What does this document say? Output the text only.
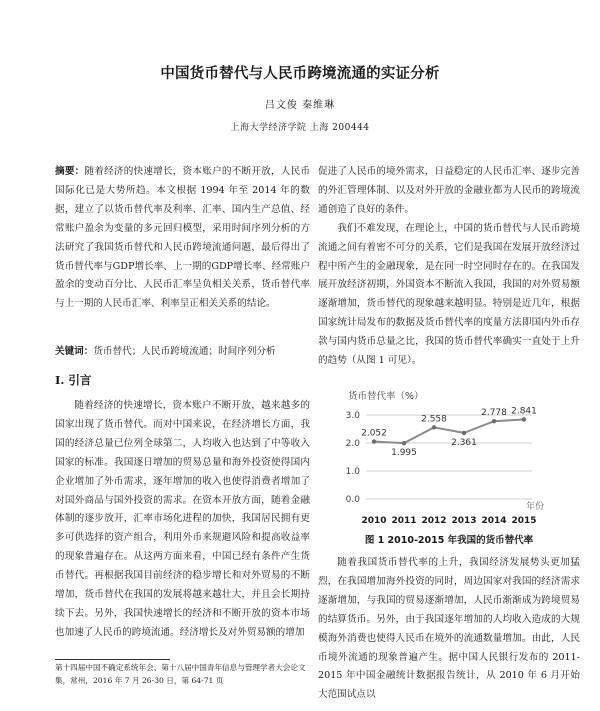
中国货币替代与人民币跨境流通的实证分析
吕文俊 秦维琳
上海大学经济学院 上海 200444
摘要：随着经济的快速增长，资本账户的不断开放，人民币国际化已是大势所趋。本文根据 1994 年至 2014 年的数据，建立了以货币替代率及利率、汇率、国内生产总值、经常账户盈余为变量的多元回归模型，采用时间序列分析的方法研究了我国货币替代和人民币跨境流通问题，最后得出了货币替代率与GDP增长率、上一期的GDP增长率、经常账户盈余的变动百分比、人民币汇率呈负相关关系，货币替代率与上一期的人民币汇率、利率呈正相关关系的结论。
关键词：货币替代；人民币跨境流通；时间序列分析
I. 引言

随着经济的快速增长，资本账户不断开放，越来越多的国家出现了货币替代。而对中国来说，在经济增长方面，我国的经济总量已位列全球第二，人均收入也达到了中等收入国家的标准。我国逐日增加的贸易总量和海外投资使得国内企业增加了外币需求，逐年增加的收入也使得消费者增加了对国外商品与国外投资的需求。在资本开放方面，随着金融体制的逐步放开，汇率市场化进程的加快，我国居民拥有更多可供选择的资产组合，利用外币来规避风险和提高收益率的现象普遍存在。从这两方面来看，中国已经有条件产生货币替代。再根据我国目前经济的稳步增长和对外贸易的不断增加，货币替代在我国的发展将越来越壮大，并且会长期持续下去。另外，我国快速增长的经济和不断开放的资本市场也加速了人民币的跨境流通。经济增长及对外贸易额的增加

促进了人民币的境外需求，日益稳定的人民币汇率、逐步完善的外汇管理体制、以及对外开放的金融业都为人民币的跨境流通创造了良好的条件。

我们不难发现，在理论上，中国的货币替代与人民币跨境流通之间有着密不可分的关系，它们是我国在发展开放经济过程中所产生的金融现象，是在同一时空同时存在的。在我国发展开放经济初期，外国资本不断流入我国，我国的对外贸易额逐渐增加，货币替代的现象越来越明显。特别是近几年，根据国家统计局发布的数据及货币替代率的度量方法即国内外币存款与国内货币总量之比，我国的货币替代率确实一直处于上升的趋势（从图 1 可见）。

货币替代率（%）
0.0
1.0
2.0
3.0
年份
2.052
1.995
2.558
2.361
2.778 2.841
2010 2011 2012 2013 2014 2015
图 1 2010-2015 年我国的货币替代率

随着我国货币替代率的上升，我国经济发展势头更加猛烈，在我国增加海外投资的同时，周边国家对我国的经济需求逐渐增加，与我国的贸易逐渐增加，人民币渐渐成为跨境贸易的结算货币。另外，由于我国逐年增加的人均收入造成的大规模海外消费也使得人民币在境外的流通数量增加。由此，人民币境外流通的现象普遍产生。据中国人民银行发布的 2011-2015 年中国金融统计数据报告统计，从 2010 年 6 月开始大范围试点以

第十四届中国不确定系统年会、第十八届中国青年信息与管理学者大会论文集，常州，2016 年 7 月 26-30 日，第 64-71 页
